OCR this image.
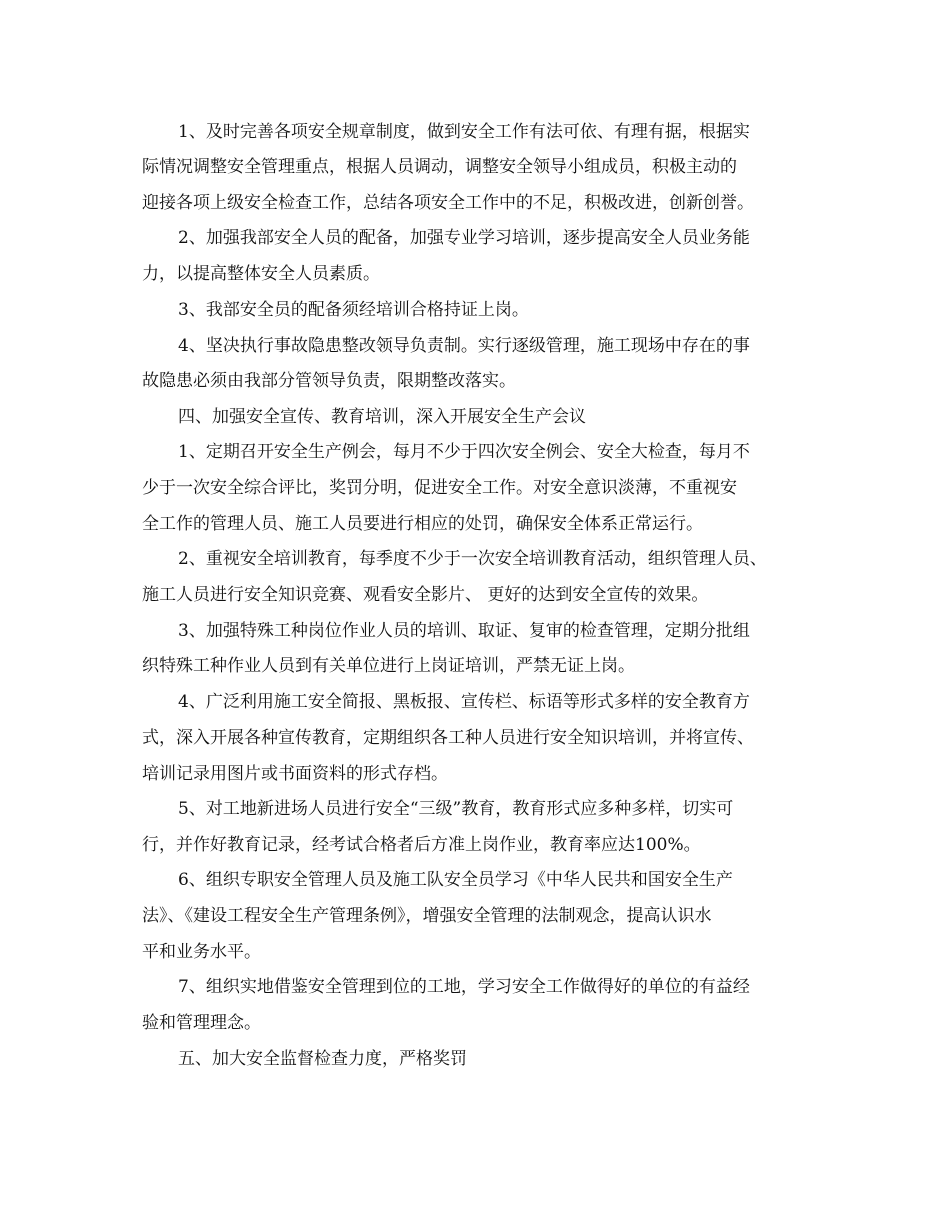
1、及时完善各项安全规章制度，做到安全工作有法可依、有理有据，根据实
际情况调整安全管理重点，根据人员调动，调整安全领导小组成员，积极主动的
迎接各项上级安全检查工作，总结各项安全工作中的不足，积极改进，创新创誉。
2、加强我部安全人员的配备，加强专业学习培训，逐步提高安全人员业务能
力，以提高整体安全人员素质。
3、我部安全员的配备须经培训合格持证上岗。
4、坚决执行事故隐患整改领导负责制。实行逐级管理，施工现场中存在的事
故隐患必须由我部分管领导负责，限期整改落实。
四、加强安全宣传、教育培训，深入开展安全生产会议
1、定期召开安全生产例会，每月不少于四次安全例会、安全大检查，每月不
少于一次安全综合评比，奖罚分明，促进安全工作。对安全意识淡薄，不重视安
全工作的管理人员、施工人员要进行相应的处罚，确保安全体系正常运行。
2、重视安全培训教育，每季度不少于一次安全培训教育活动，组织管理人员、
施工人员进行安全知识竞赛、观看安全影片、 更好的达到安全宣传的效果。
3、加强特殊工种岗位作业人员的培训、取证、复审的检查管理，定期分批组
织特殊工种作业人员到有关单位进行上岗证培训，严禁无证上岗。
4、广泛利用施工安全简报、黑板报、宣传栏、标语等形式多样的安全教育方
式，深入开展各种宣传教育，定期组织各工种人员进行安全知识培训，并将宣传、
培训记录用图片或书面资料的形式存档。
5、对工地新进场人员进行安全“三级”教育，教育形式应多种多样，切实可
行，并作好教育记录，经考试合格者后方准上岗作业，教育率应达100%。
6、组织专职安全管理人员及施工队安全员学习《中华人民共和国安全生产
法》、《建设工程安全生产管理条例》，增强安全管理的法制观念，提高认识水
平和业务水平。
7、组织实地借鉴安全管理到位的工地，学习安全工作做得好的单位的有益经
验和管理理念。
五、加大安全监督检查力度，严格奖罚
